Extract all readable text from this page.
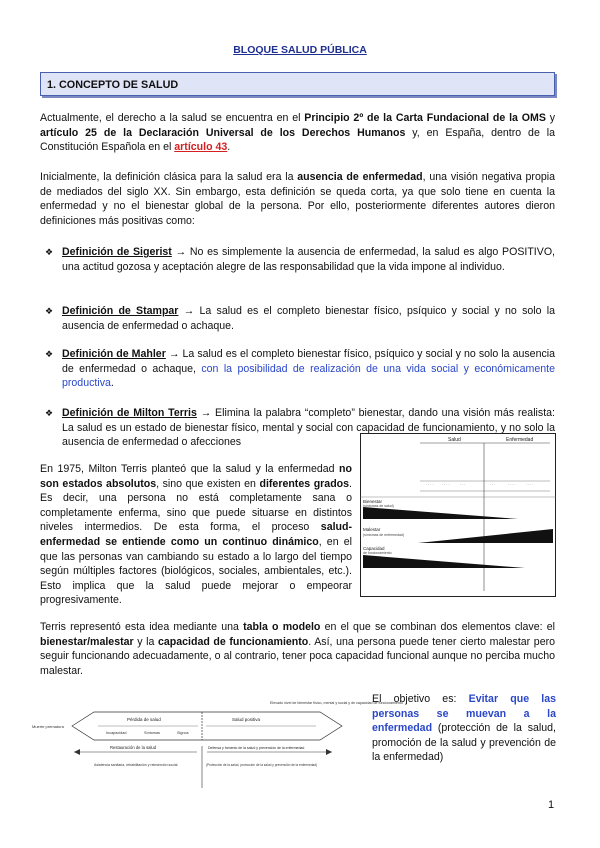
BLOQUE SALUD PÚBLICA
1. CONCEPTO DE SALUD
Actualmente, el derecho a la salud se encuentra en el Principio 2º de la Carta Fundacional de la OMS y artículo 25 de la Declaración Universal de los Derechos Humanos y, en España, dentro de la Constitución Española en el artículo 43.
Inicialmente, la definición clásica para la salud era la ausencia de enfermedad, una visión negativa propia de mediados del siglo XX. Sin embargo, esta definición se queda corta, ya que solo tiene en cuenta la enfermedad y no el bienestar global de la persona. Por ello, posteriormente diferentes autores dieron definiciones más positivas como:
❖ Definición de Sigerist → No es simplemente la ausencia de enfermedad, la salud es algo POSITIVO, una actitud gozosa y aceptación alegre de las responsabilidad que la vida impone al individuo.
❖ Definición de Stampar → La salud es el completo bienestar físico, psíquico y social y no solo la ausencia de enfermedad o achaque.
❖ Definición de Mahler → La salud es el completo bienestar físico, psíquico y social y no solo la ausencia de enfermedad o achaque, con la posibilidad de realización de una vida social y económicamente productiva.
❖ Definición de Milton Terris → Elimina la palabra “completo” bienestar, dando una visión más realista: La salud es un estado de bienestar físico, mental y social con capacidad de funcionamiento, y no solo la ausencia de enfermedad o afecciones
En 1975, Milton Terris planteó que la salud y la enfermedad no son estados absolutos, sino que existen en diferentes grados. Es decir, una persona no está completamente sana o completamente enferma, sino que puede situarse en distintos niveles intermedios. De esta forma, el proceso salud-enfermedad se entiende como un continuo dinámico, en el que las personas van cambiando su estado a lo largo del tiempo según múltiples factores (biológicos, sociales, ambientales, etc.). Esto implica que la salud puede mejorar o empeorar progresivamente.
Salud	Enfermedad
· · · · · · · ·	· · ·	· · ·	· · · ·	· · · ·
Bienestar
(síntomas de salud)
Malestar
(síntomas de enfermedad)
Capacidad
de funcionamiento
Terris representó esta idea mediante una tabla o modelo en el que se combinan dos elementos clave: el bienestar/malestar y la capacidad de funcionamiento. Así, una persona puede tener cierto malestar pero seguir funcionando adecuadamente, o al contrario, tener poca capacidad funcional aunque no perciba mucho malestar.
Muerte prematura
Elevado nivel de bienestar físico, mental y social y de capacidad de funcionamiento
Pérdida de salud	Salud positiva
Incapacidad	Síntomas	Signos
Restauración de la salud	Defensa y fomento de la salud y prevención de la enfermedad
Asistencia sanitaria, rehabilitación y reinserción social	(Protección de la salud, promoción de la salud y prevención de la enfermedad)
El objetivo es: Evitar que las personas se muevan a la enfermedad (protección de la salud, promoción de la salud y prevención de la enfermedad)
1
